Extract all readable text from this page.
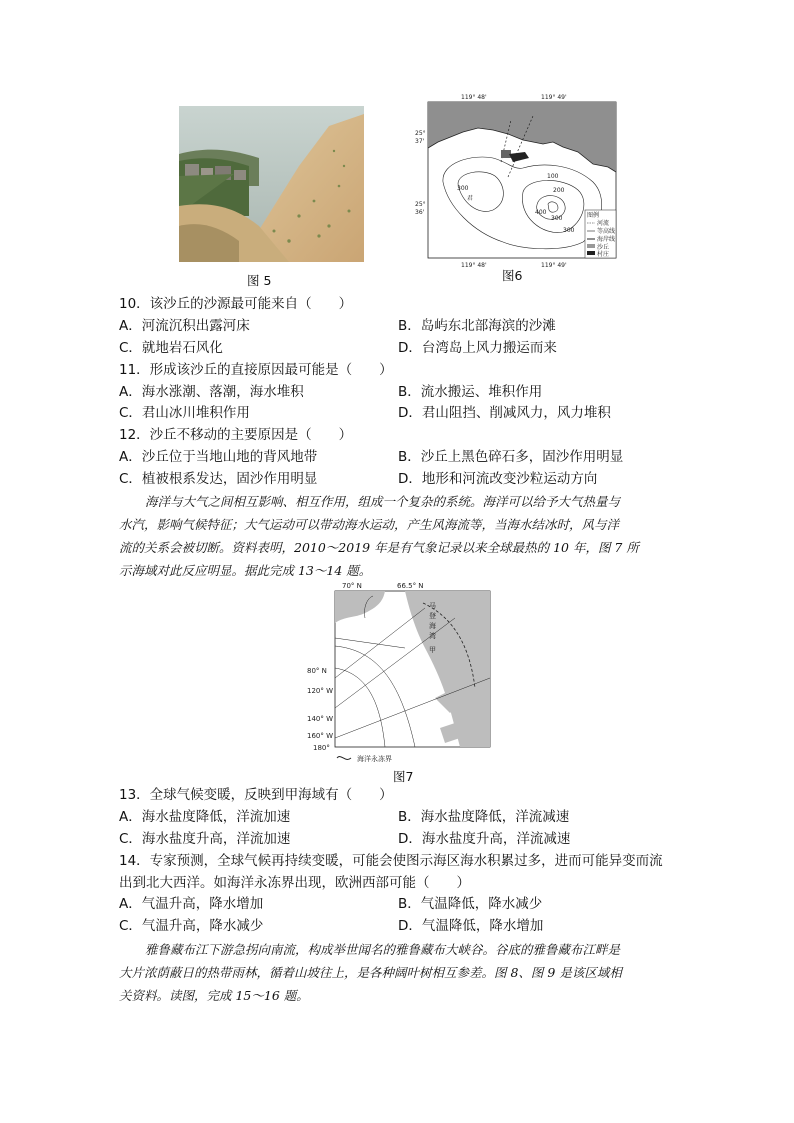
图 5
119° 48'	119° 49'
300
100
200
400
300
300
君
25°
37'
25°
36'	图例
河流
等高线
海岸线
沙丘
村庄
119° 48'	119° 49'
图6
10．该沙丘的沙源最可能来自（　　）
A．河流沉积出露河床	B．岛屿东北部海滨的沙滩
C．就地岩石风化	D．台湾岛上风力搬运而来
11．形成该沙丘的直接原因最可能是（　　）
A．海水涨潮、落潮，海水堆积	B．流水搬运、堆积作用
C．君山冰川堆积作用	D．君山阻挡、削减风力，风力堆积
12．沙丘不移动的主要原因是（　　）
A．沙丘位于当地山地的背风地带	B．沙丘上黑色碎石多，固沙作用明显
C．植被根系发达，固沙作用明显	D．地形和河流改变沙粒运动方向
海洋与大气之间相互影响、相互作用，组成一个复杂的系统。海洋可以给予大气热量与
水汽，影响气候特征；大气运动可以带动海水运动，产生风海流等，当海水结冰时，风与洋
流的关系会被切断。资料表明，2010～2019 年是有气象记录以来全球最热的 10 年，图 7 所
示海域对此反应明显。据此完成 13～14 题。
70° N	66.5° N
马
登
海
湾
甲
80° N
120° W
140° W
160° W
180°
海洋永冻界
图7
13．全球气候变暖，反映到甲海域有（　　）
A．海水盐度降低，洋流加速	B．海水盐度降低，洋流减速
C．海水盐度升高，洋流加速	D．海水盐度升高，洋流减速
14．专家预测，全球气候再持续变暖，可能会使图示海区海水积累过多，进而可能异变而流
出到北大西洋。如海洋永冻界出现，欧洲西部可能（　　）
A．气温升高，降水增加	B．气温降低，降水减少
C．气温升高，降水减少	D．气温降低，降水增加
雅鲁藏布江下游急拐向南流，构成举世闻名的雅鲁藏布大峡谷。谷底的雅鲁藏布江畔是
大片浓荫蔽日的热带雨林，循着山坡往上，是各种阔叶树相互参差。图 8、图 9 是该区域相
关资料。读图，完成 15～16 题。
